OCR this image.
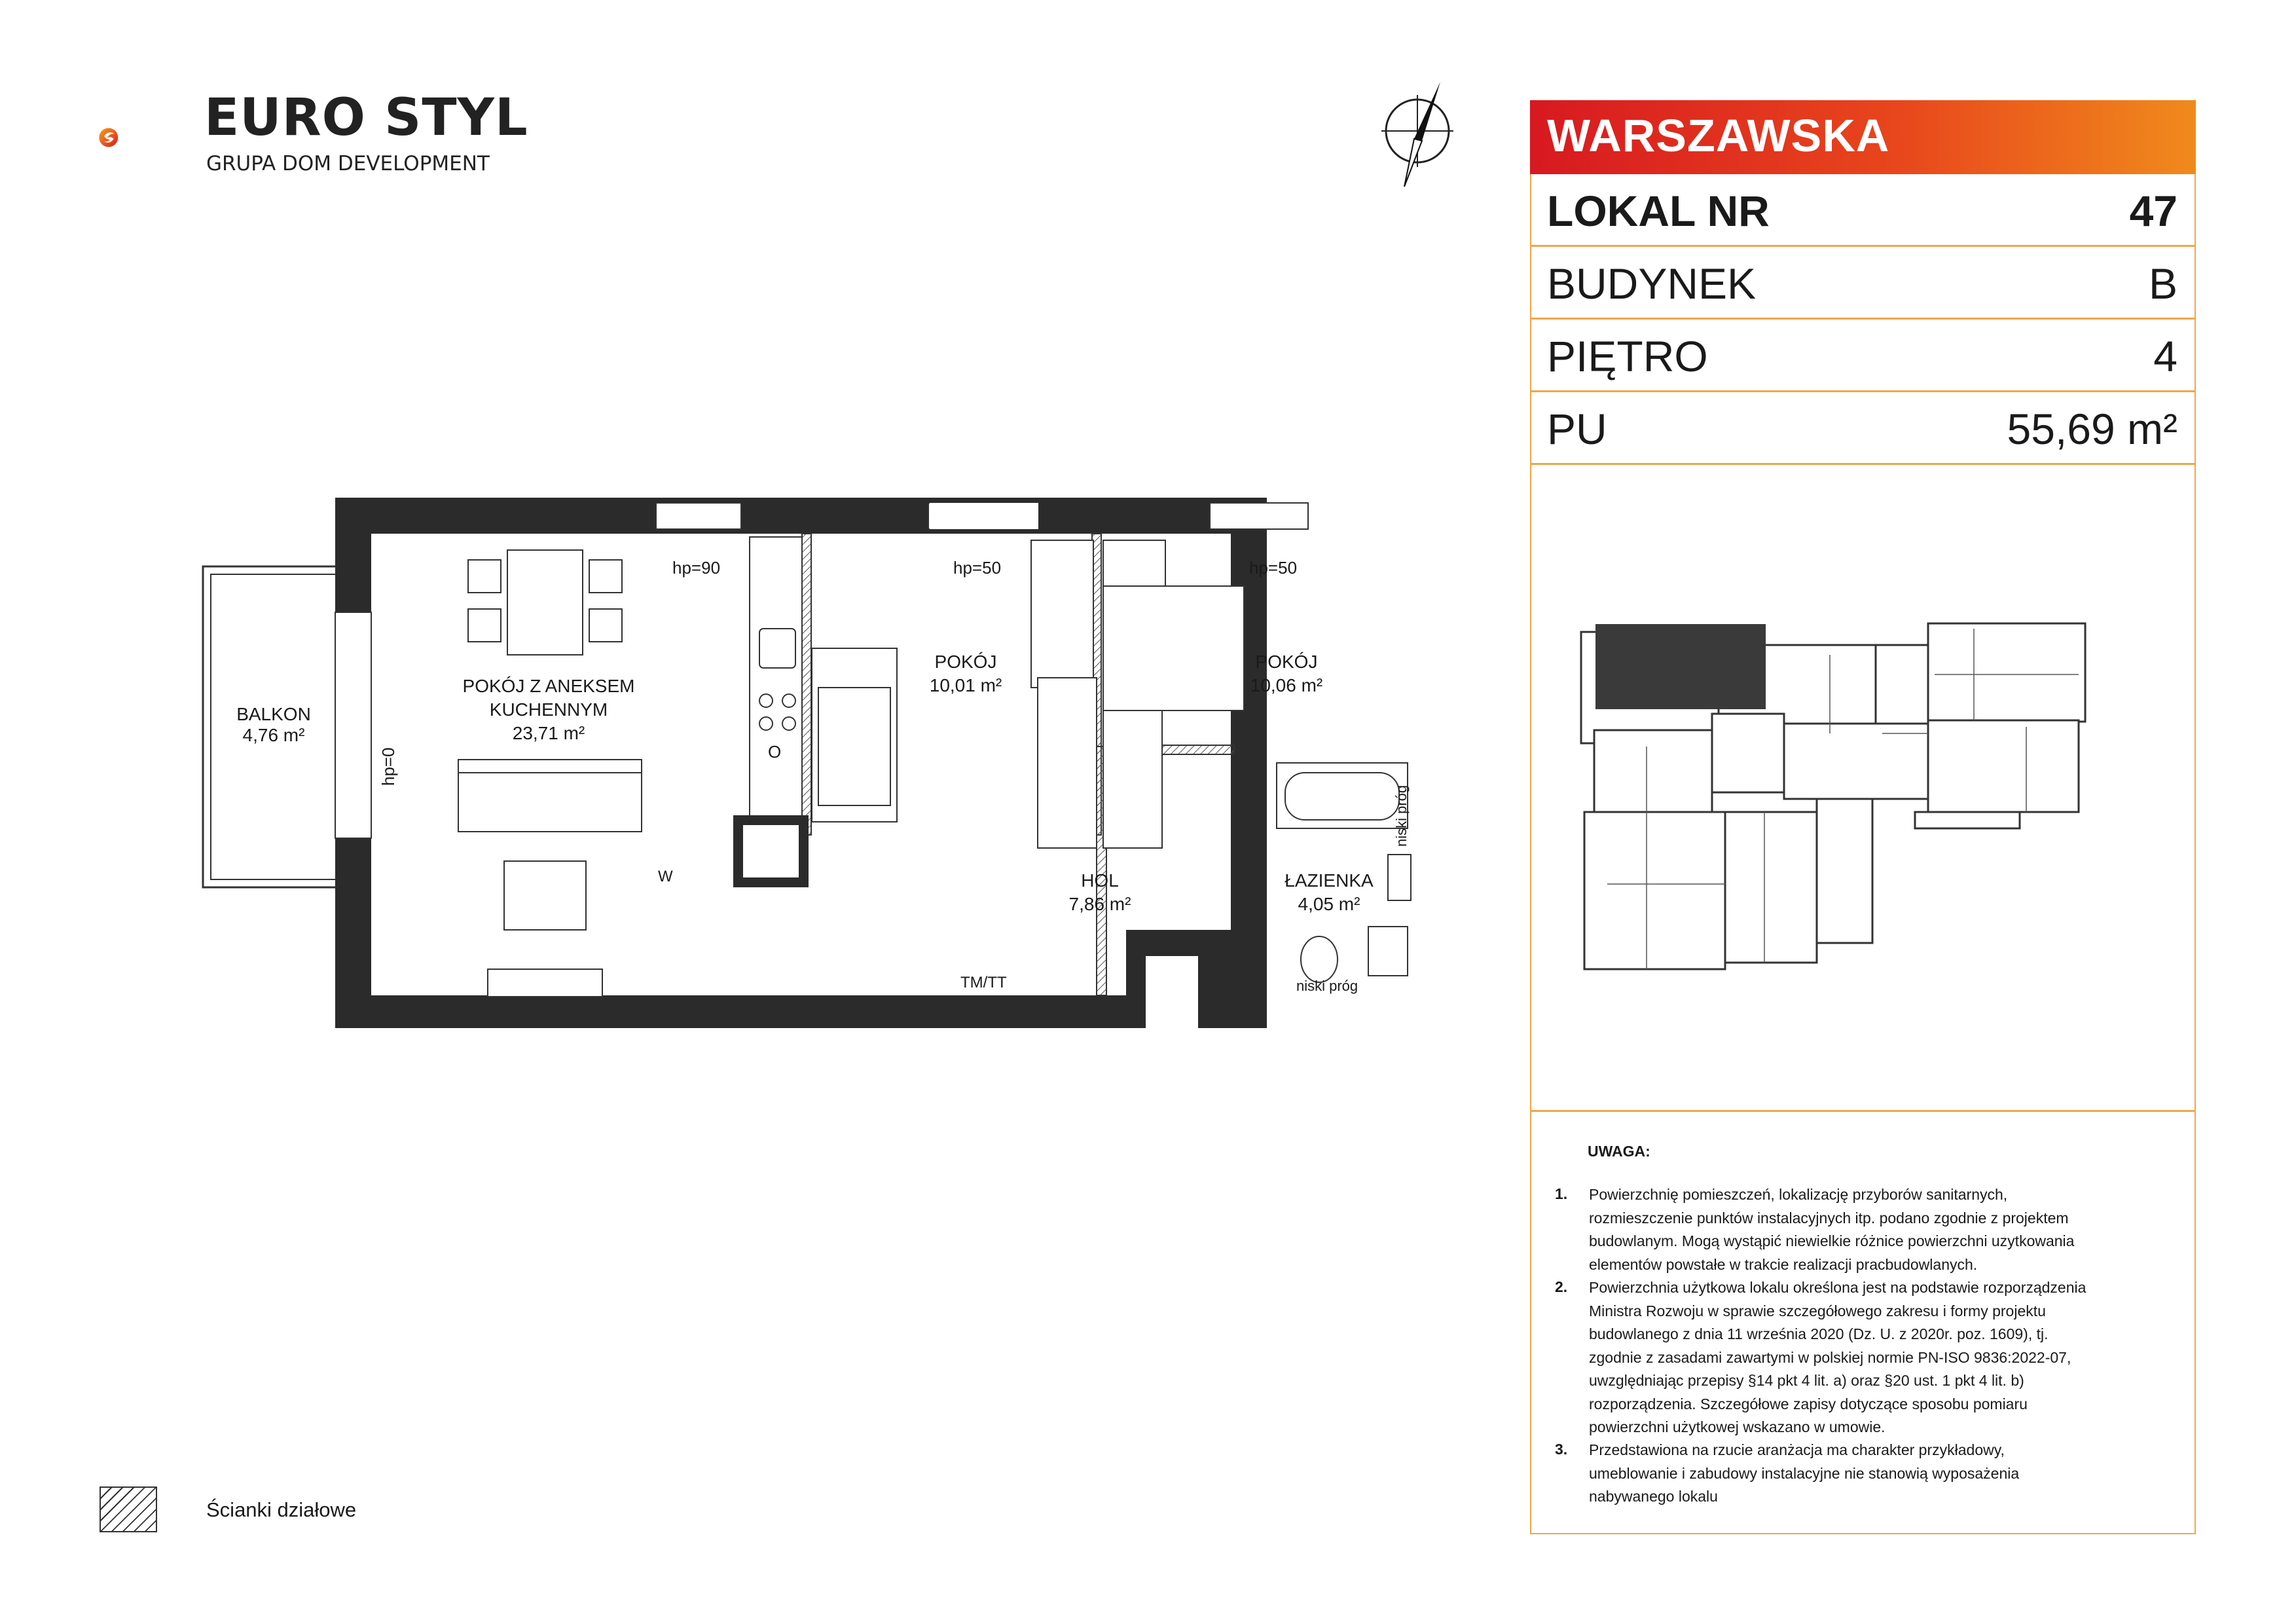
EURO STYL
GRUPA DOM DEVELOPMENT
BALKON
4,76 m²
POKÓJ Z ANEKSEM
KUCHENNYM
23,71 m²
POKÓJ
10,01 m²
POKÓJ
10,06 m²
HOL
7,86 m²
ŁAZIENKA
4,05 m²
hp=90	hp=50	hp=50
hp=0
W
O
TM/TT
niski próg
niski próg
WARSZAWSKA
LOKAL NR	47
BUDYNEK	B
PIĘTRO	4
PU	55,69 m²
UWAGA:
1. Powierzchnię pomieszczeń, lokalizację przyborów sanitarnych,
rozmieszczenie punktów instalacyjnych itp. podano zgodnie z projektem
budowlanym. Mogą wystąpić niewielkie różnice powierzchni uzytkowania
elementów powstałe w trakcie realizacji pracbudowlanych.
2. Powierzchnia użytkowa lokalu określona jest na podstawie rozporządzenia
Ministra Rozwoju w sprawie szczegółowego zakresu i formy projektu
budowlanego z dnia 11 września 2020 (Dz. U. z 2020r. poz. 1609), tj.
zgodnie z zasadami zawartymi w polskiej normie PN-ISO 9836:2022-07,
uwzględniając przepisy §14 pkt 4 lit. a) oraz §20 ust. 1 pkt 4 lit. b)
rozporządzenia. Szczegółowe zapisy dotyczące sposobu pomiaru
powierzchni użytkowej wskazano w umowie.
3. Przedstawiona na rzucie aranżacja ma charakter przykładowy,
umeblowanie i zabudowy instalacyjne nie stanowią wyposażenia
nabywanego lokalu
Ścianki działowe
